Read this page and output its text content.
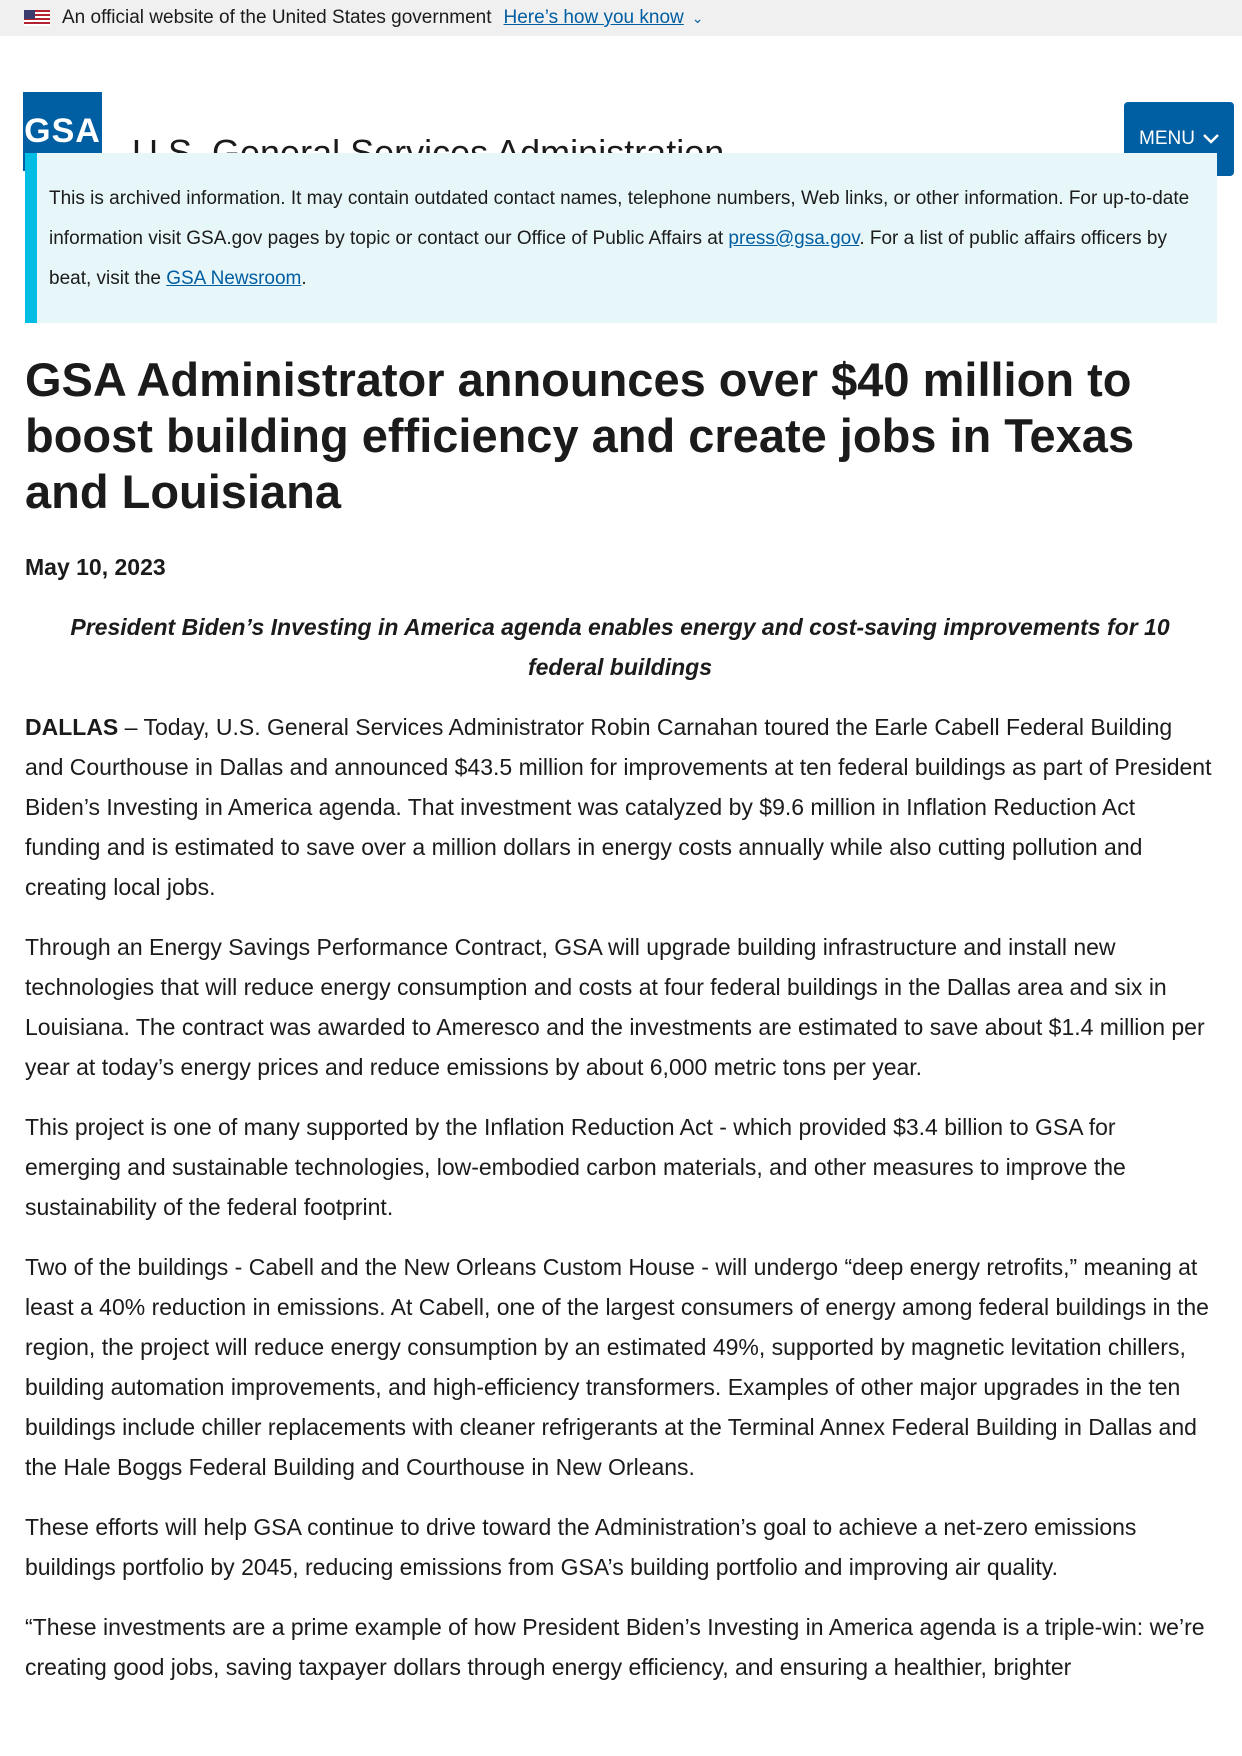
An official website of the United States government Here’s how you know ⌄
GSA	MENU
This is archived information. It may contain outdated contact names, telephone numbers, Web links, or other information. For up-to-date information visit GSA.gov pages by topic or contact our Office of Public Affairs at press@gsa.gov. For a list of public affairs officers by beat, visit the GSA Newsroom.
GSA Administrator announces over $40 million to boost building efficiency and create jobs in Texas and Louisiana
May 10, 2023
President Biden’s Investing in America agenda enables energy and cost-saving improvements for 10 federal buildings

DALLAS – Today, U.S. General Services Administrator Robin Carnahan toured the Earle Cabell Federal Building and Courthouse in Dallas and announced $43.5 million for improvements at ten federal buildings as part of President Biden’s Investing in America agenda. That investment was catalyzed by $9.6 million in Inflation Reduction Act funding and is estimated to save over a million dollars in energy costs annually while also cutting pollution and creating local jobs.

Through an Energy Savings Performance Contract, GSA will upgrade building infrastructure and install new technologies that will reduce energy consumption and costs at four federal buildings in the Dallas area and six in Louisiana. The contract was awarded to Ameresco and the investments are estimated to save about $1.4 million per year at today’s energy prices and reduce emissions by about 6,000 metric tons per year.

This project is one of many supported by the Inflation Reduction Act - which provided $3.4 billion to GSA for emerging and sustainable technologies, low-embodied carbon materials, and other measures to improve the sustainability of the federal footprint.

Two of the buildings - Cabell and the New Orleans Custom House - will undergo “deep energy retrofits,” meaning at least a 40% reduction in emissions. At Cabell, one of the largest consumers of energy among federal buildings in the region, the project will reduce energy consumption by an estimated 49%, supported by magnetic levitation chillers, building automation improvements, and high-efficiency transformers. Examples of other major upgrades in the ten buildings include chiller replacements with cleaner refrigerants at the Terminal Annex Federal Building in Dallas and the Hale Boggs Federal Building and Courthouse in New Orleans.

These efforts will help GSA continue to drive toward the Administration’s goal to achieve a net-zero emissions buildings portfolio by 2045, reducing emissions from GSA’s building portfolio and improving air quality.

“These investments are a prime example of how President Biden’s Investing in America agenda is a triple-win: we’re creating good jobs, saving taxpayer dollars through energy efficiency, and ensuring a healthier, brighter
